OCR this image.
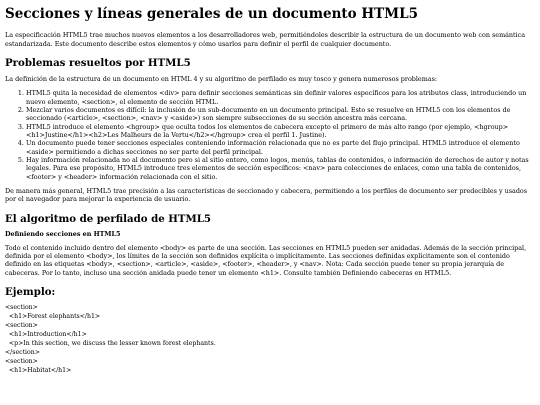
Secciones y líneas generales de un documento HTML5

La especificación HTML5 trae muchos nuevos elementos a los desarrolladores web, permitiéndoles describir la estructura de un documento web con semántica estandarizada. Este documento describe estos elementos y cómo usarlos para definir el perfil de cualquier documento.

Problemas resueltos por HTML5

La definición de la estructura de un documento en HTML 4 y su algoritmo de perfilado es muy tosco y genera numerosos problemas:

1. HTML5 quita la necesidad de elementos <div> para definir secciones semánticas sin definir valores específicos para los atributos class, introduciendo un nuevo elemento, <section>, el elemento de sección HTML.
2. Mezclar varios documentos es difícil: la inclusión de un sub-documento en un documento principal. Esto se resuelve en HTML5 con los elementos de seccionado (<article>, <section>, <nav> y <aside>) son siempre subsecciones de su sección ancestra más cercana.
3. HTML5 introduce el elemento <hgroup> que oculta todos los elementos de cabecera excepto el primero de más alto rango (por ejemplo, <hgroup><h1>Justine</h1><h2>Les Malheurs de la Vertu</h2></hgroup> crea el perfil 1. Justine).
4. Un documento puede tener secciones especiales conteniendo información relacionada que no es parte del flujo principal. HTML5 introduce el elemento <aside> permitiendo a dichas secciones no ser parte del perfil principal.
5. Hay información relacionada no al documento pero si al sitio entero, como logos, menús, tablas de contenidos, o información de derechos de autor y notas legales. Para ese propósito, HTML5 introduce tres elementos de sección específicos: <nav> para colecciones de enlaces, como una tabla de contenidos, <footer> y <header> información relacionada con el sitio.

De manera más general, HTML5 trae precisión a las características de seccionado y cabecera, permitiendo a los perfiles de documento ser predecibles y usados por el navegador para mejorar la experiencia de usuario.

El algoritmo de perfilado de HTML5
Definiendo secciones en HTML5

Todo el contenido incluido dentro del elemento <body> es parte de una sección. Las secciones en HTML5 pueden ser anidadas. Además de la sección principal, definida por el elemento <body>, los límites de la sección son definidos explícita o implícitamente. Las secciones definidas explícitamente son el contenido definido en las etiquetas <body>, <section>, <article>, <aside>, <footer>, <header>, y <nav>. Nota: Cada sección puede tener su propia jerarquía de cabeceras. Por lo tanto, incluso una sección anidada puede tener un elemento <h1>. Consulte también Definiendo cabeceras en HTML5.

Ejemplo:
<section>
<h1>Forest elephants</h1>
<section>
<h1>Introduction</h1>
<p>In this section, we discuss the lesser known forest elephants.
</section>
<section>
<h1>Habitat</h1>
